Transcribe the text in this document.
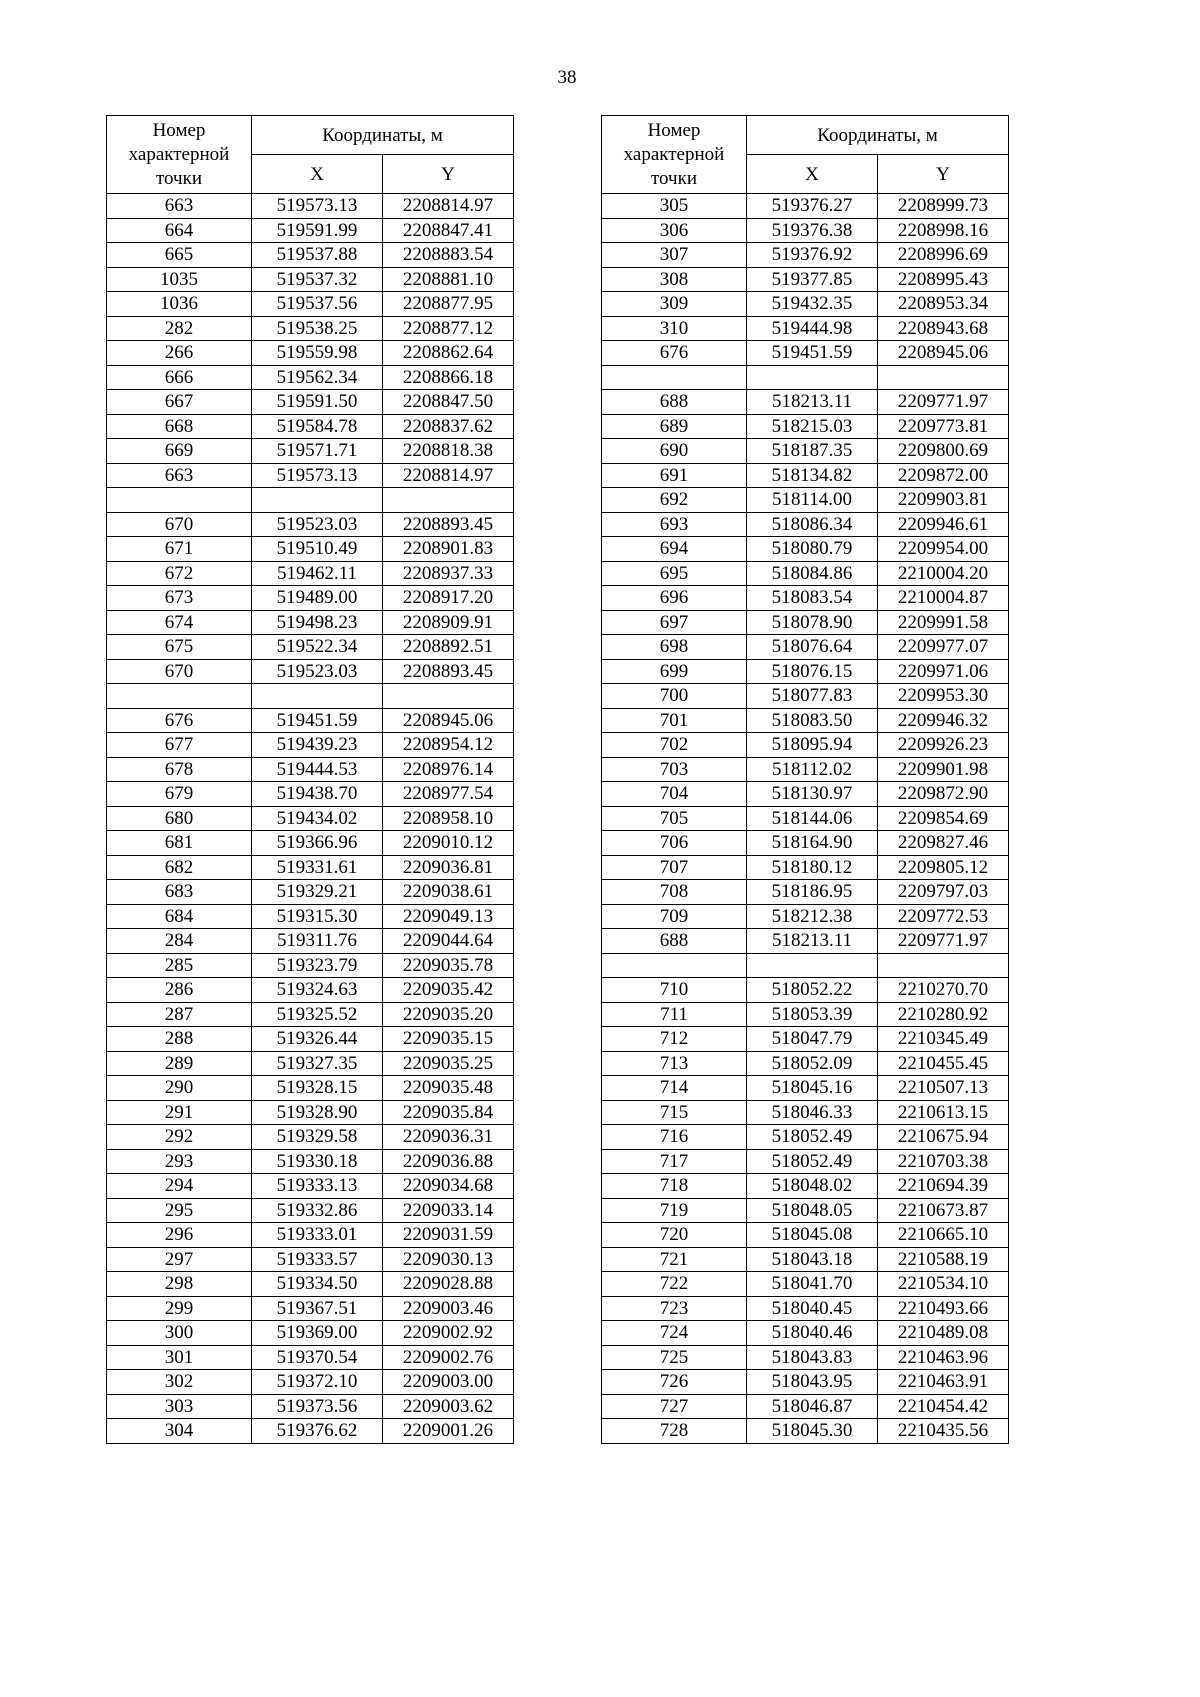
38
Номер характерной точки	Координаты, м	
	X	Y
663	519573.13	2208814.97
664	519591.99	2208847.41
665	519537.88	2208883.54
1035	519537.32	2208881.10
1036	519537.56	2208877.95
282	519538.25	2208877.12
266	519559.98	2208862.64
666	519562.34	2208866.18
667	519591.50	2208847.50
668	519584.78	2208837.62
669	519571.71	2208818.38
663	519573.13	2208814.97

670	519523.03	2208893.45
671	519510.49	2208901.83
672	519462.11	2208937.33
673	519489.00	2208917.20
674	519498.23	2208909.91
675	519522.34	2208892.51
670	519523.03	2208893.45

676	519451.59	2208945.06
677	519439.23	2208954.12
678	519444.53	2208976.14
679	519438.70	2208977.54
680	519434.02	2208958.10
681	519366.96	2209010.12
682	519331.61	2209036.81
683	519329.21	2209038.61
684	519315.30	2209049.13
284	519311.76	2209044.64
285	519323.79	2209035.78
286	519324.63	2209035.42
287	519325.52	2209035.20
288	519326.44	2209035.15
289	519327.35	2209035.25
290	519328.15	2209035.48
291	519328.90	2209035.84
292	519329.58	2209036.31
293	519330.18	2209036.88
294	519333.13	2209034.68
295	519332.86	2209033.14
296	519333.01	2209031.59
297	519333.57	2209030.13
298	519334.50	2209028.88
299	519367.51	2209003.46
300	519369.00	2209002.92
301	519370.54	2209002.76
302	519372.10	2209003.00
303	519373.56	2209003.62
304	519376.62	2209001.26
Номер характерной точки	Координаты, м	
	X	Y
305	519376.27	2208999.73
306	519376.38	2208998.16
307	519376.92	2208996.69
308	519377.85	2208995.43
309	519432.35	2208953.34
310	519444.98	2208943.68
676	519451.59	2208945.06

688	518213.11	2209771.97
689	518215.03	2209773.81
690	518187.35	2209800.69
691	518134.82	2209872.00
692	518114.00	2209903.81
693	518086.34	2209946.61
694	518080.79	2209954.00
695	518084.86	2210004.20
696	518083.54	2210004.87
697	518078.90	2209991.58
698	518076.64	2209977.07
699	518076.15	2209971.06
700	518077.83	2209953.30
701	518083.50	2209946.32
702	518095.94	2209926.23
703	518112.02	2209901.98
704	518130.97	2209872.90
705	518144.06	2209854.69
706	518164.90	2209827.46
707	518180.12	2209805.12
708	518186.95	2209797.03
709	518212.38	2209772.53
688	518213.11	2209771.97

710	518052.22	2210270.70
711	518053.39	2210280.92
712	518047.79	2210345.49
713	518052.09	2210455.45
714	518045.16	2210507.13
715	518046.33	2210613.15
716	518052.49	2210675.94
717	518052.49	2210703.38
718	518048.02	2210694.39
719	518048.05	2210673.87
720	518045.08	2210665.10
721	518043.18	2210588.19
722	518041.70	2210534.10
723	518040.45	2210493.66
724	518040.46	2210489.08
725	518043.83	2210463.96
726	518043.95	2210463.91
727	518046.87	2210454.42
728	518045.30	2210435.56
